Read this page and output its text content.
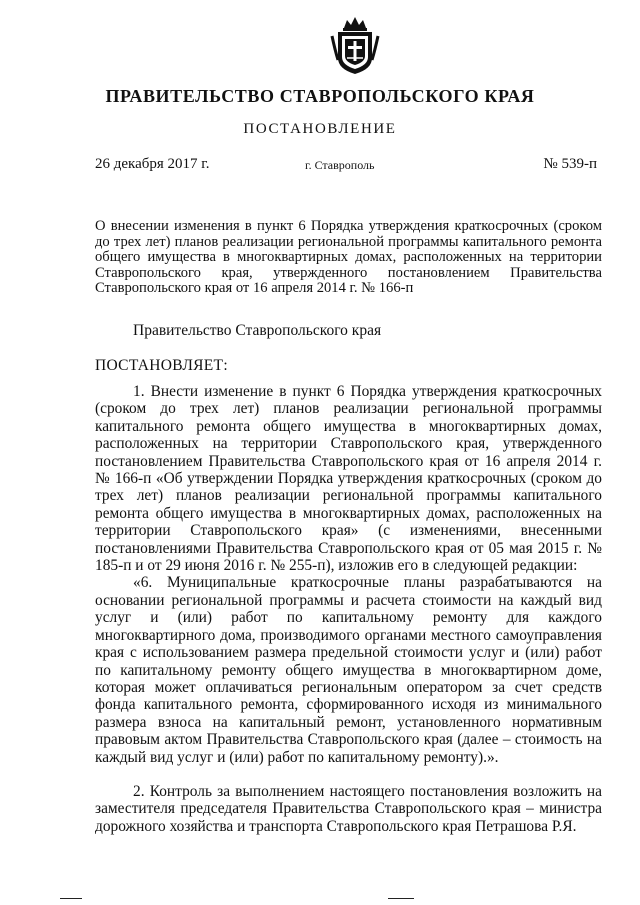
ПРАВИТЕЛЬСТВО СТАВРОПОЛЬСКОГО КРАЯ
ПОСТАНОВЛЕНИЕ
26 декабря 2017 г.	г. Ставрополь	№ 539-п
О внесении изменения в пункт 6 Порядка утверждения краткосрочных (сроком до трех лет) планов реализации региональной программы капитального ремонта общего имущества в многоквартирных домах, расположенных на территории Ставропольского края, утвержденного постановлением Правительства Ставропольского края от 16 апреля 2014 г. № 166-п
Правительство Ставропольского края
ПОСТАНОВЛЯЕТ:

1. Внести изменение в пункт 6 Порядка утверждения краткосрочных (сроком до трех лет) планов реализации региональной программы капитального ремонта общего имущества в многоквартирных домах, расположенных на территории Ставропольского края, утвержденного постановлением Правительства Ставропольского края от 16 апреля 2014 г. № 166-п «Об утверждении Порядка утверждения краткосрочных (сроком до трех лет) планов реализации региональной программы капитального ремонта общего имущества в многоквартирных домах, расположенных на территории Ставропольского края» (с изменениями, внесенными постановлениями Правительства Ставропольского края от 05 мая 2015 г. № 185-п и от 29 июня 2016 г. № 255-п), изложив его в следующей редакции:

«6. Муниципальные краткосрочные планы разрабатываются на основании региональной программы и расчета стоимости на каждый вид услуг и (или) работ по капитальному ремонту для каждого многоквартирного дома, производимого органами местного самоуправления края с использованием размера предельной стоимости услуг и (или) работ по капитальному ремонту общего имущества в многоквартирном доме, которая может оплачиваться региональным оператором за счет средств фонда капитального ремонта, сформированного исходя из минимального размера взноса на капитальный ремонт, установленного нормативным правовым актом Правительства Ставропольского края (далее – стоимость на каждый вид услуг и (или) работ по капитальному ремонту).».

2. Контроль за выполнением настоящего постановления возложить на заместителя председателя Правительства Ставропольского края – министра дорожного хозяйства и транспорта Ставропольского края Петрашова Р.Я.
